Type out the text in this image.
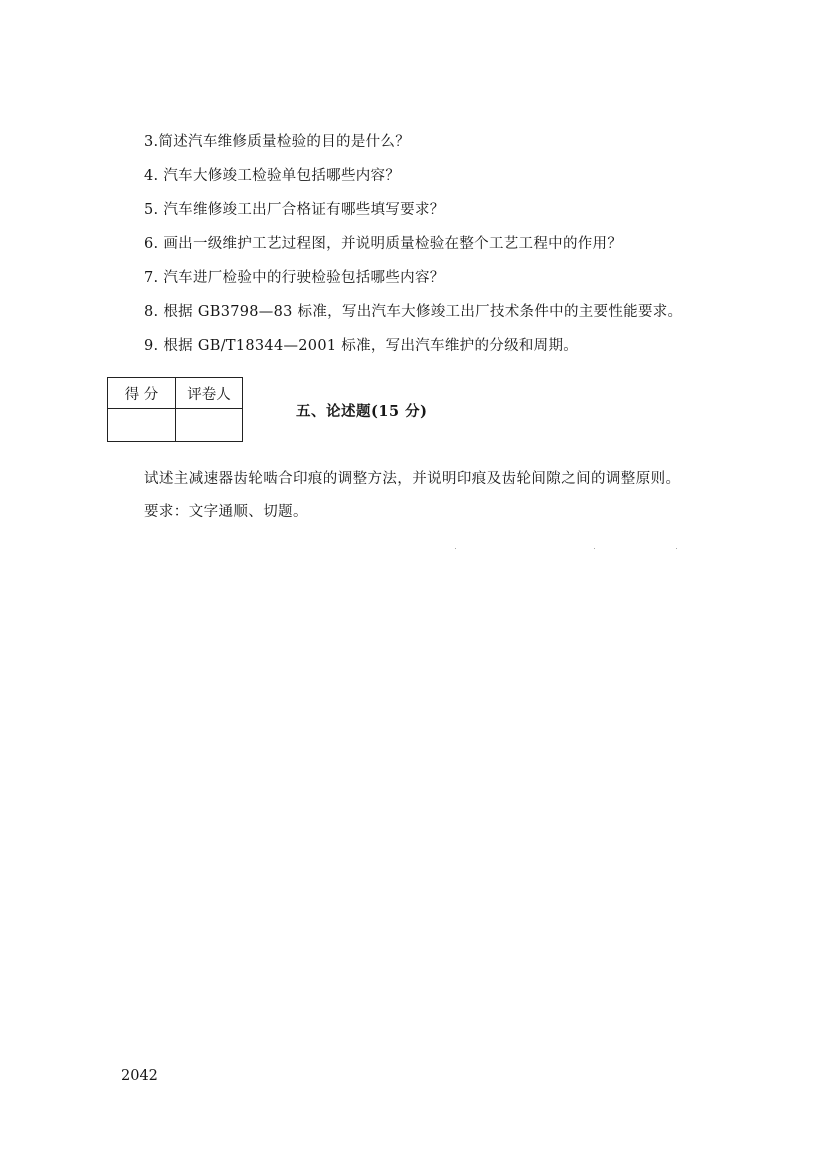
3.简述汽车维修质量检验的目的是什么？
4. 汽车大修竣工检验单包括哪些内容？
5. 汽车维修竣工出厂合格证有哪些填写要求？
6. 画出一级维护工艺过程图，并说明质量检验在整个工艺工程中的作用？
7. 汽车进厂检验中的行驶检验包括哪些内容？
8. 根据 GB3798—83 标准，写出汽车大修竣工出厂技术条件中的主要性能要求。
9. 根据 GB/T18344—2001 标准，写出汽车维护的分级和周期。
得 分	评卷人

五、论述题(15 分)
试述主减速器齿轮啮合印痕的调整方法，并说明印痕及齿轮间隙之间的调整原则。
要求：文字通顺、切题。
2042
